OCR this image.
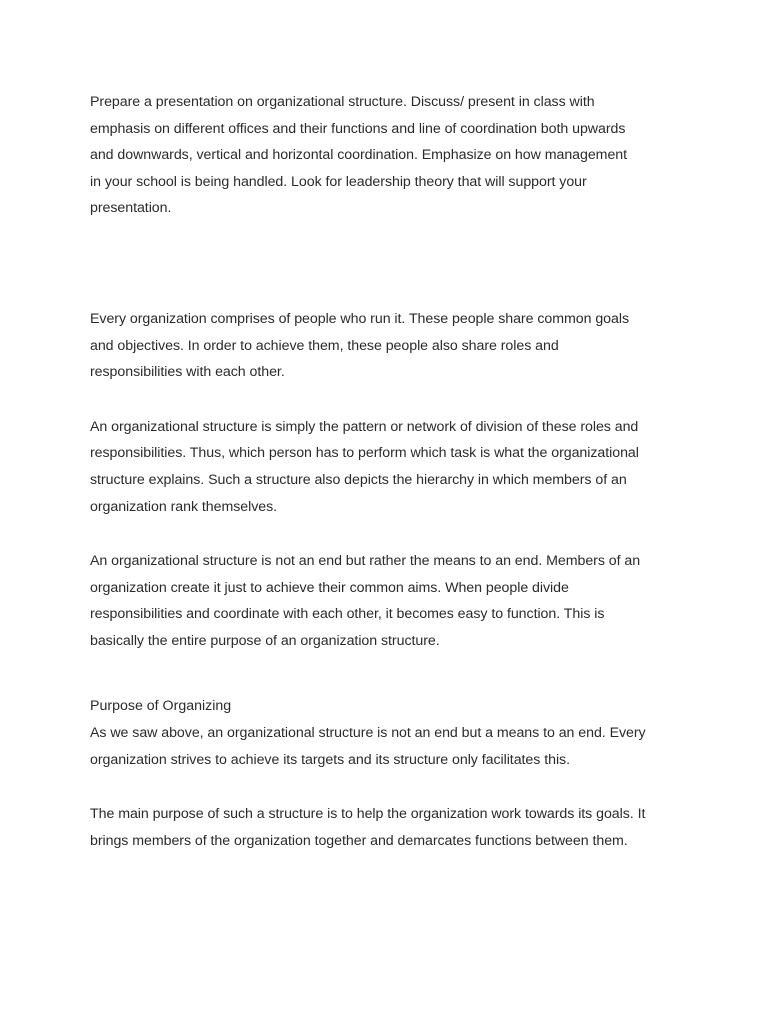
Prepare a presentation on organizational structure. Discuss/ present in class with
emphasis on different offices and their functions and line of coordination both upwards
and downwards, vertical and horizontal coordination. Emphasize on how management
in your school is being handled. Look for leadership theory that will support your
presentation.

Every organization comprises of people who run it. These people share common goals
and objectives. In order to achieve them, these people also share roles and
responsibilities with each other.

An organizational structure is simply the pattern or network of division of these roles and
responsibilities. Thus, which person has to perform which task is what the organizational
structure explains. Such a structure also depicts the hierarchy in which members of an
organization rank themselves.

An organizational structure is not an end but rather the means to an end. Members of an
organization create it just to achieve their common aims. When people divide
responsibilities and coordinate with each other, it becomes easy to function. This is
basically the entire purpose of an organization structure.

Purpose of Organizing

As we saw above, an organizational structure is not an end but a means to an end. Every
organization strives to achieve its targets and its structure only facilitates this.

The main purpose of such a structure is to help the organization work towards its goals. It
brings members of the organization together and demarcates functions between them.
